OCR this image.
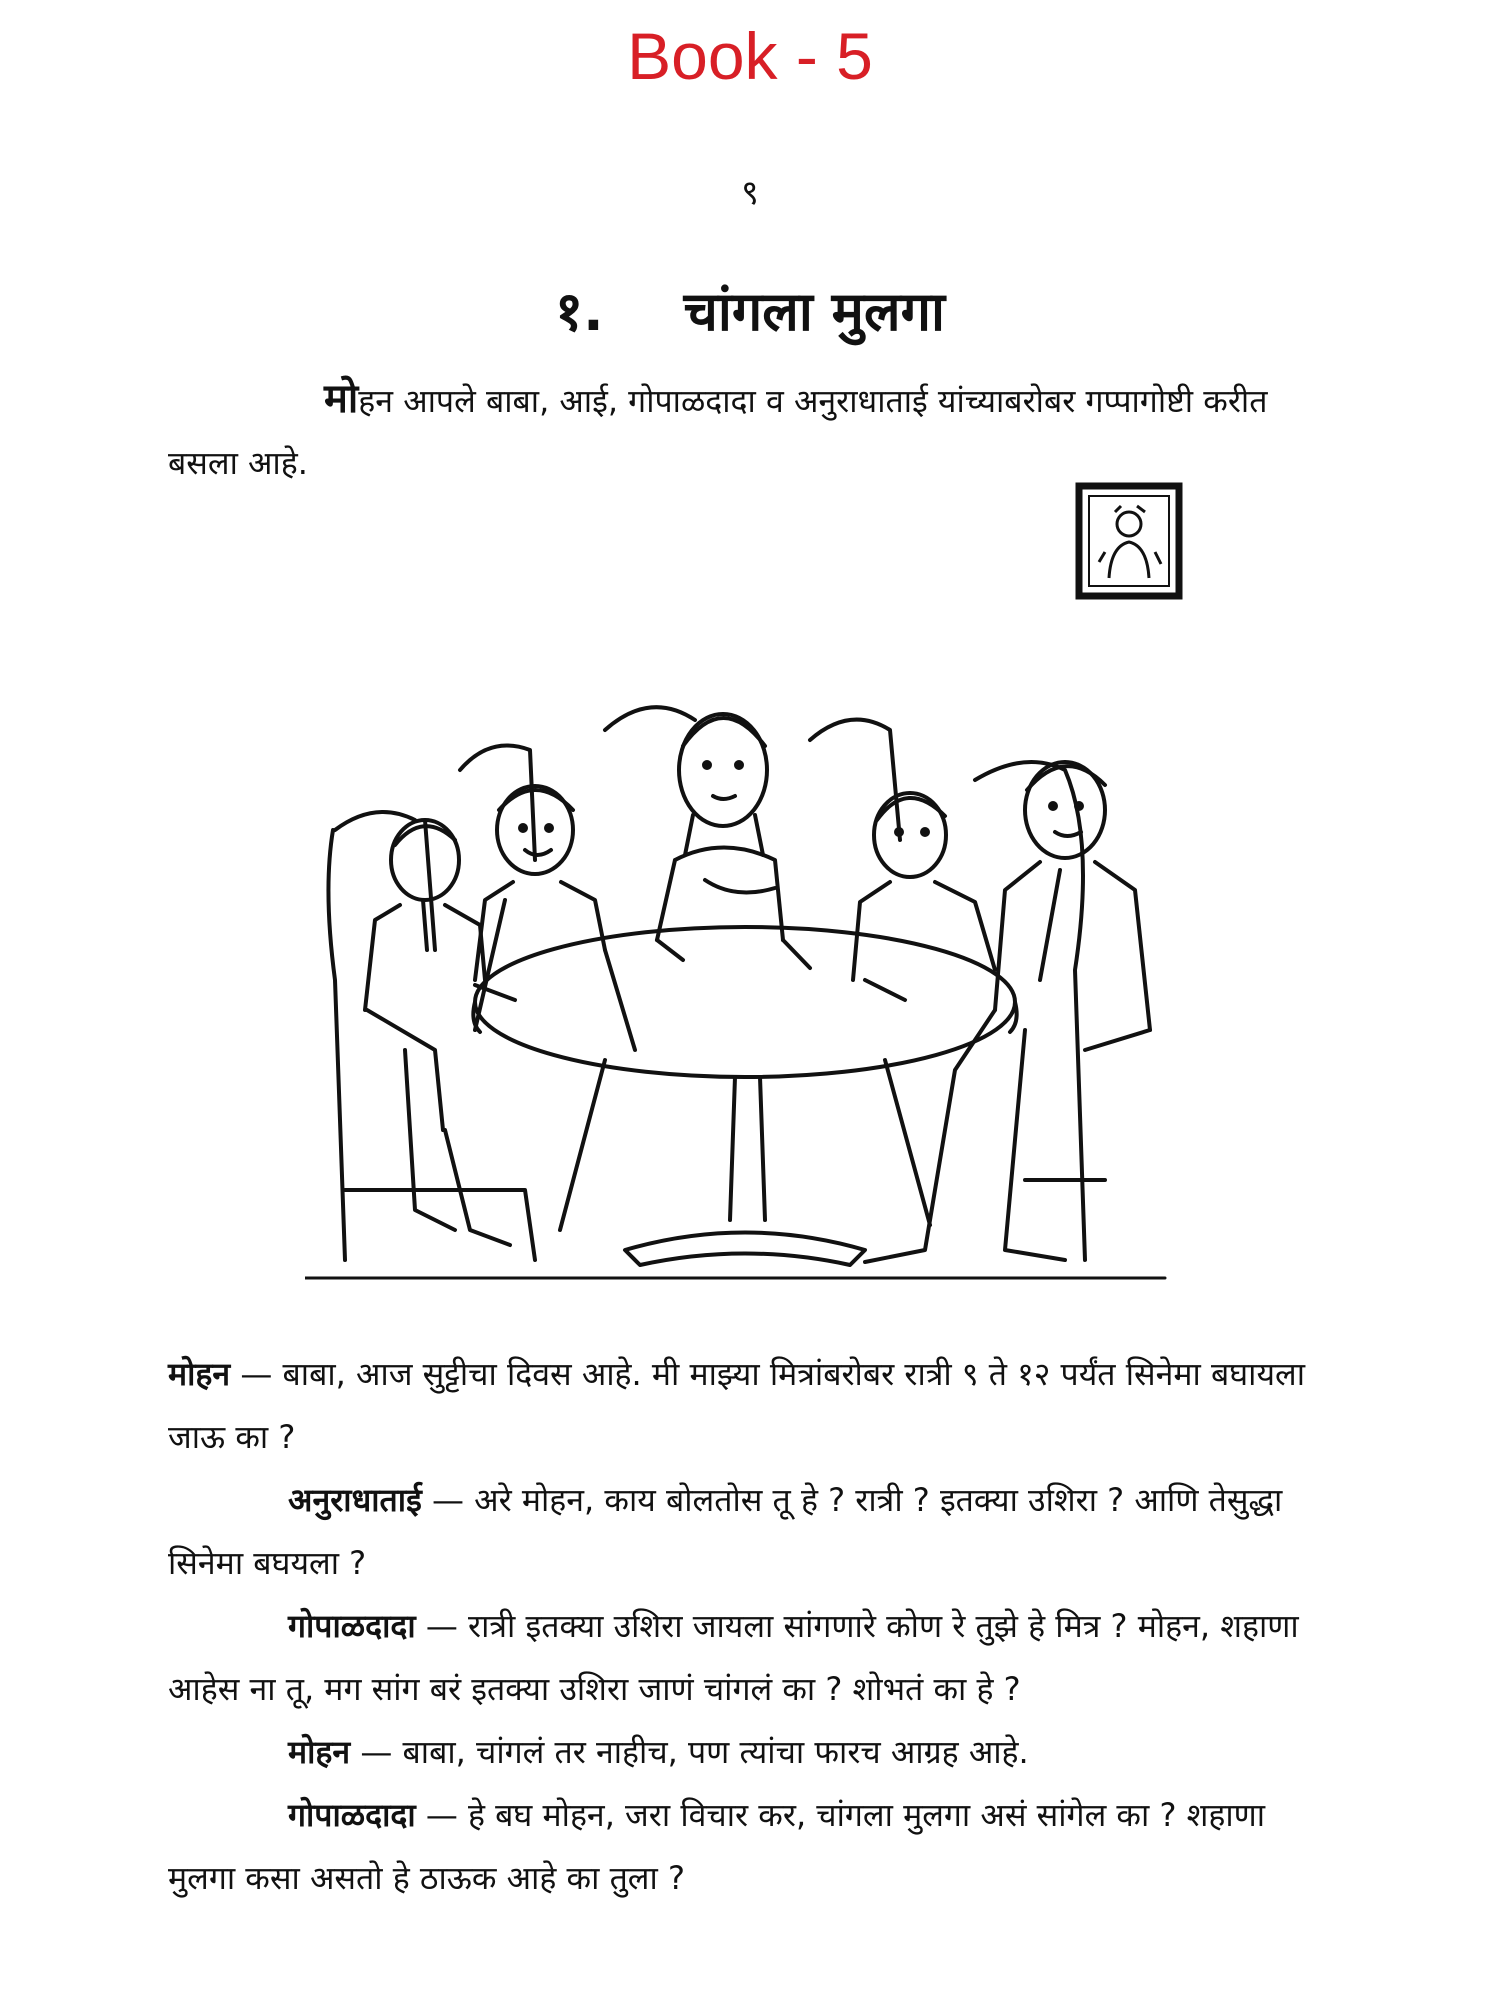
Book - 5
९
१. चांगला मुलगा

मोहन आपले बाबा, आई, गोपाळदादा व अनुराधाताई यांच्याबरोबर गप्पागोष्टी करीत बसला आहे.

मोहन — बाबा, आज सुट्टीचा दिवस आहे. मी माझ्या मित्रांबरोबर रात्री ९ ते १२ पर्यंत सिनेमा बघायला जाऊ का ?

अनुराधाताई — अरे मोहन, काय बोलतोस तू हे ? रात्री ? इतक्या उशिरा ? आणि तेसुद्धा सिनेमा बघयला ?

गोपाळदादा — रात्री इतक्या उशिरा जायला सांगणारे कोण रे तुझे हे मित्र ? मोहन, शहाणा आहेस ना तू, मग सांग बरं इतक्या उशिरा जाणं चांगलं का ? शोभतं का हे ?

मोहन — बाबा, चांगलं तर नाहीच, पण त्यांचा फारच आग्रह आहे.

गोपाळदादा — हे बघ मोहन, जरा विचार कर, चांगला मुलगा असं सांगेल का ? शहाणा मुलगा कसा असतो हे ठाऊक आहे का तुला ?
